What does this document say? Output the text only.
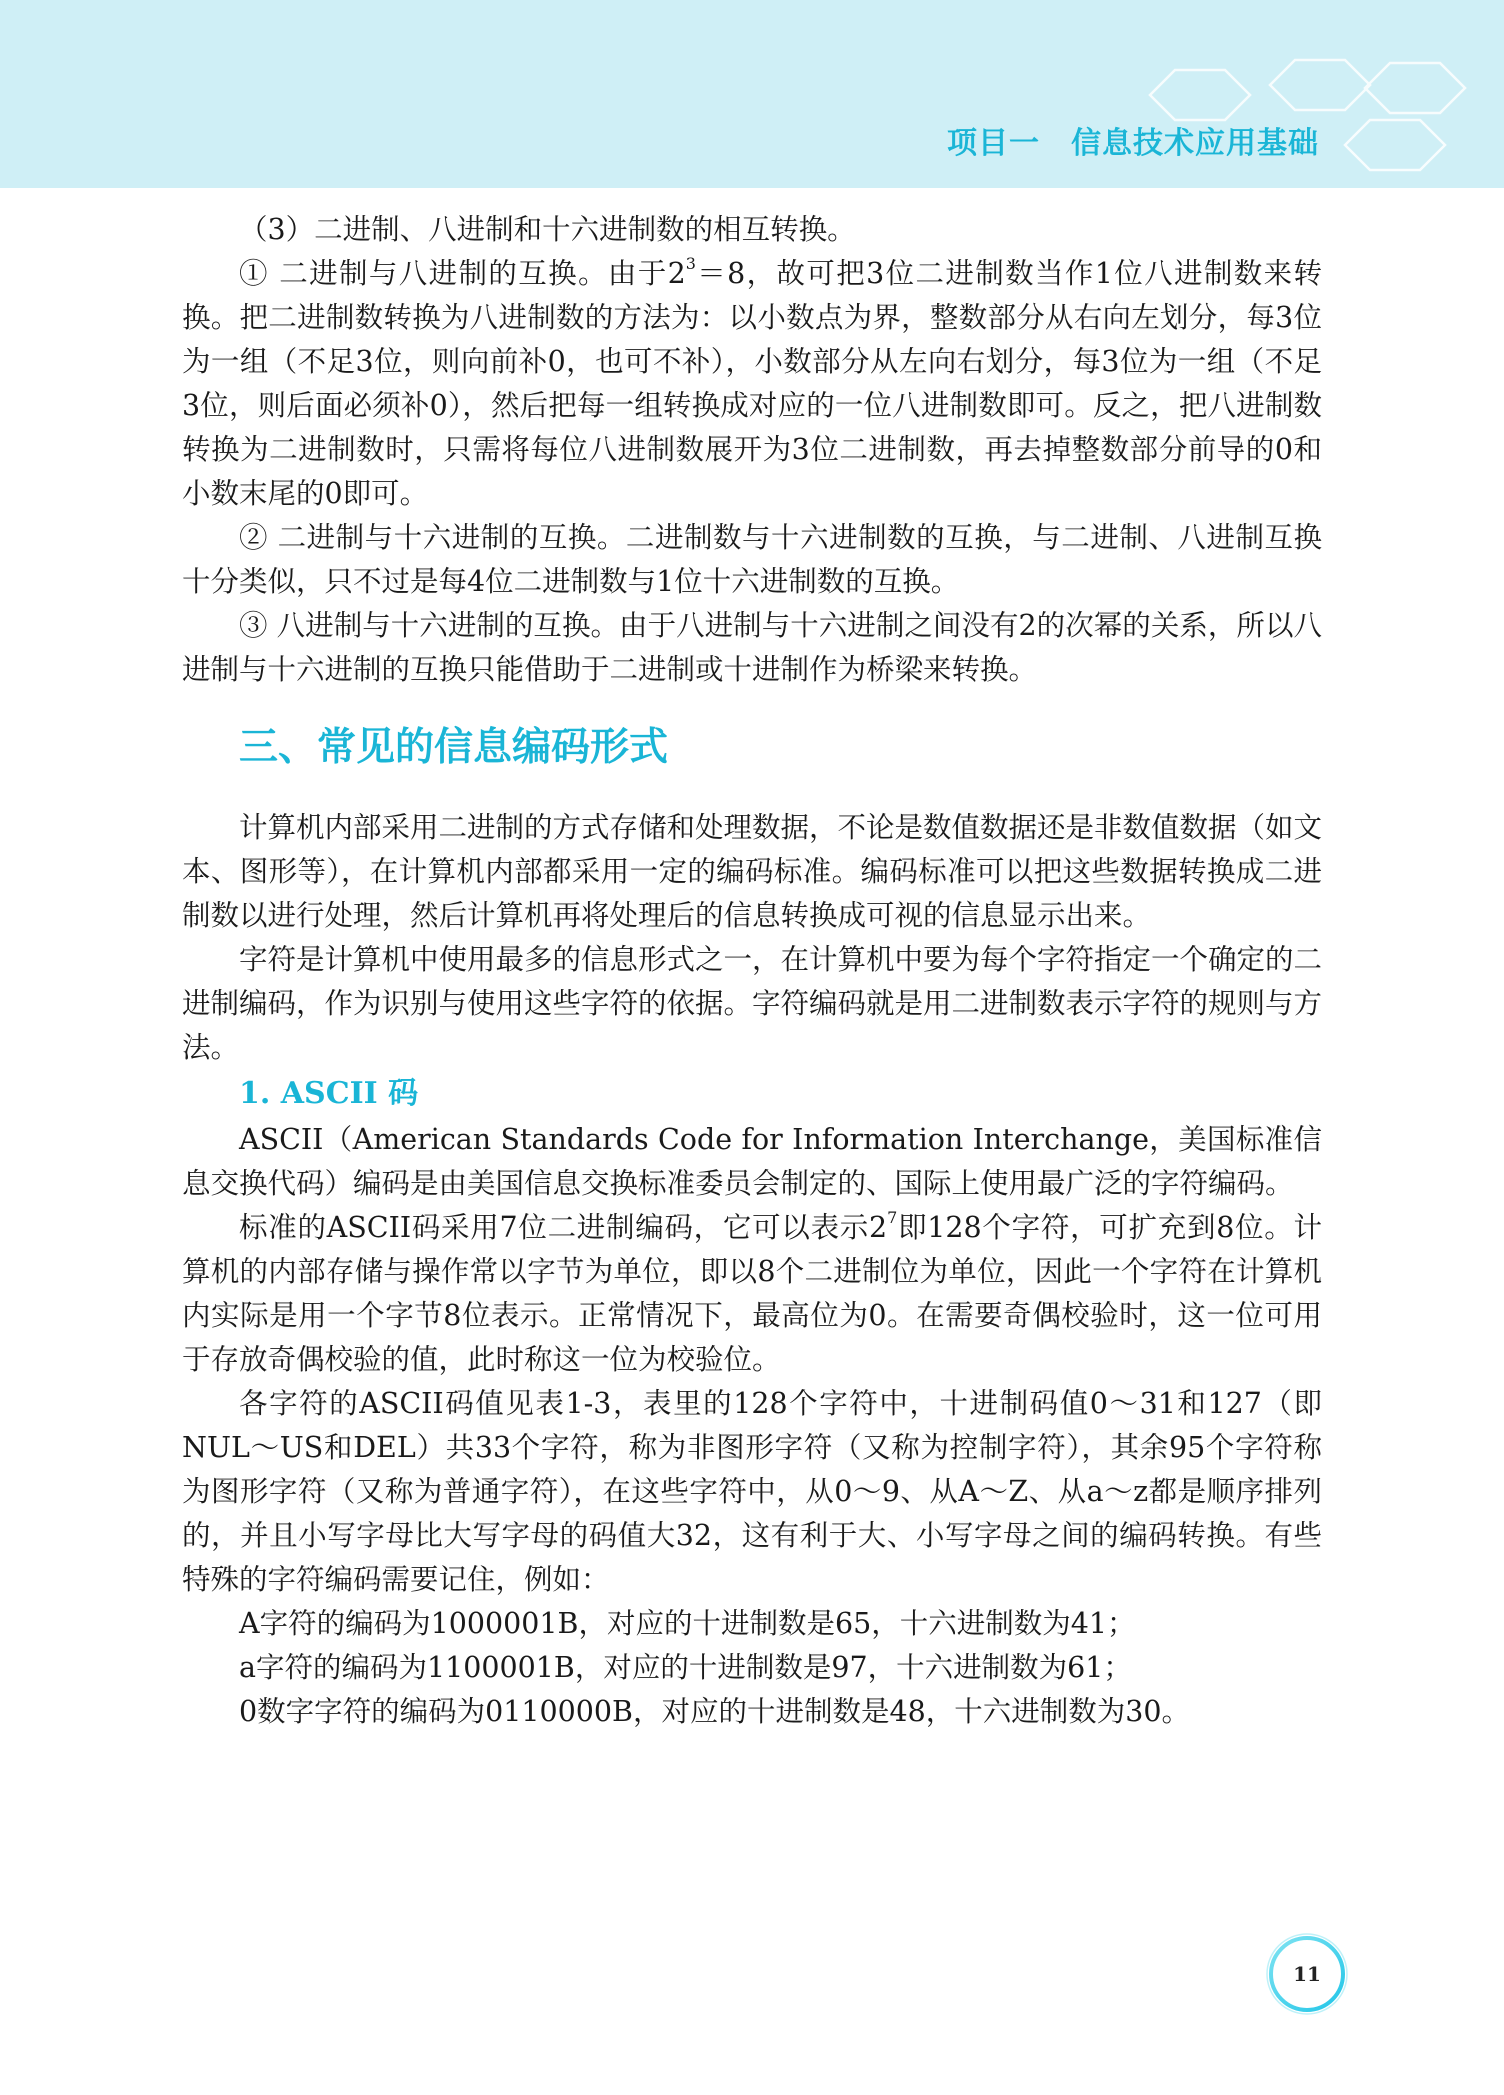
项目一　信息技术应用基础

（3）二进制、八进制和十六进制数的相互转换。

① 二进制与八进制的互换。由于$2^3=8$，故可把3位二进制数当作1位八进制数来转换。把二进制数转换为八进制数的方法为：以小数点为界，整数部分从右向左划分，每3位为一组（不足3位，则向前补0，也可不补），小数部分从左向右划分，每3位为一组（不足3位，则后面必须补0），然后把每一组转换成对应的一位八进制数即可。反之，把八进制数转换为二进制数时，只需将每位八进制数展开为3位二进制数，再去掉整数部分前导的0和小数末尾的0即可。

② 二进制与十六进制的互换。二进制数与十六进制数的互换，与二进制、八进制互换十分类似，只不过是每4位二进制数与1位十六进制数的互换。

③ 八进制与十六进制的互换。由于八进制与十六进制之间没有2的次幂的关系，所以八进制与十六进制的互换只能借助于二进制或十进制作为桥梁来转换。

三、常见的信息编码形式

计算机内部采用二进制的方式存储和处理数据，不论是数值数据还是非数值数据（如文本、图形等），在计算机内部都采用一定的编码标准。编码标准可以把这些数据转换成二进制数以进行处理，然后计算机再将处理后的信息转换成可视的信息显示出来。

字符是计算机中使用最多的信息形式之一，在计算机中要为每个字符指定一个确定的二进制编码，作为识别与使用这些字符的依据。字符编码就是用二进制数表示字符的规则与方法。

1. ASCII 码

ASCII（American Standards Code for Information Interchange，美国标准信息交换代码）编码是由美国信息交换标准委员会制定的、国际上使用最广泛的字符编码。

标准的ASCII码采用7位二进制编码，它可以表示$2^7$即128个字符，可扩充到8位。计算机的内部存储与操作常以字节为单位，即以8个二进制位为单位，因此一个字符在计算机内实际是用一个字节8位表示。正常情况下，最高位为0。在需要奇偶校验时，这一位可用于存放奇偶校验的值，此时称这一位为校验位。

各字符的ASCII码值见表1-3，表里的128个字符中，十进制码值0～31和127（即NUL～US和DEL）共33个字符，称为非图形字符（又称为控制字符），其余95个字符称为图形字符（又称为普通字符），在这些字符中，从0～9、从A～Z、从a～z都是顺序排列的，并且小写字母比大写字母的码值大32，这有利于大、小写字母之间的编码转换。有些特殊的字符编码需要记住，例如：

A字符的编码为1000001B，对应的十进制数是65，十六进制数为41；

a字符的编码为1100001B，对应的十进制数是97，十六进制数为61；

0数字字符的编码为0110000B，对应的十进制数是48，十六进制数为30。

11
